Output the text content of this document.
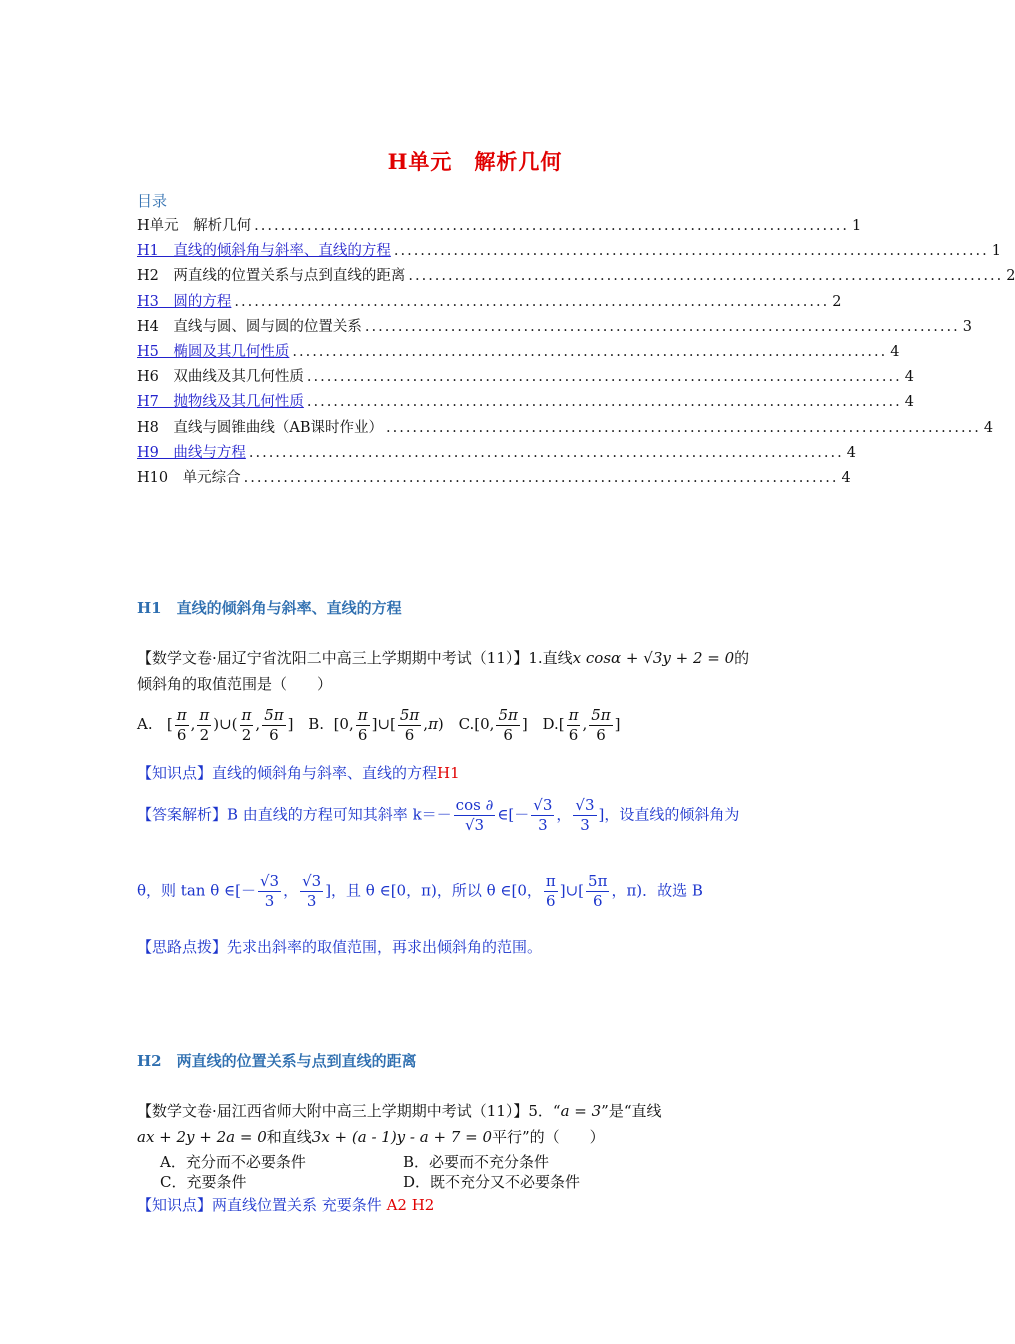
H单元　解析几何
目录
H单元　解析几何 .......................................................................................... 1
H1　直线的倾斜角与斜率、直线的方程 .......................................................................................... 1
H2　两直线的位置关系与点到直线的距离 .......................................................................................... 2
H3　圆的方程 .......................................................................................... 2
H4　直线与圆、圆与圆的位置关系 .......................................................................................... 3
H5　椭圆及其几何性质 .......................................................................................... 4
H6　双曲线及其几何性质 .......................................................................................... 4
H7　抛物线及其几何性质 .......................................................................................... 4
H8　直线与圆锥曲线（AB课时作业） .......................................................................................... 4
H9　曲线与方程 .......................................................................................... 4
H10　单元综合 .......................................................................................... 4
H1　直线的倾斜角与斜率、直线的方程
【数学文卷·届辽宁省沈阳二中高三上学期期中考试（11）】1.直线x cosα + √3y + 2 = 0的
倾斜角的取值范围是（　　）
A.   [ $\frac{\pi}{6}$ , $\frac{\pi}{2}$ )∪( $\frac{\pi}{2}$ , $\frac{5\pi}{6}$ ] B.  [0, $\frac{\pi}{6}$ ]∪[ $\frac{5\pi}{6} ,\pi$) C.[0, $\frac{5\pi}{6}$ ] $D.[ \frac{\pi}{6}$ , $\frac{5\pi}{6}$ ]
【知识点】直线的倾斜角与斜率、直线的方程H1
【答案解析】B 由直线的方程可知其斜率 $k=- \frac{\cos \partial}{√3}$ ∈[－ $\frac{√3}{3}$ ， $\frac{√3}{3}$ ]，设直线的倾斜角为
θ，则 tan θ ∈[－ $\frac{√3}{3}$ ， $\frac{√3}{3}$ ]，且 θ ∈[0，π)，所以 θ ∈[0， $\frac{\pi}{6}$ ]∪[ $\frac{5\pi}{6}$ ，π)．故选 B
【思路点拨】先求出斜率的取值范围，再求出倾斜角的范围。
H2　两直线的位置关系与点到直线的距离
【数学文卷·届江西省师大附中高三上学期期中考试（11）】5．“a = 3”是“直线
ax + 2y + 2a = 0和直线3x + (a - 1)y - a + 7 = 0平行”的（　　）
A．充分而不必要条件	B．必要而不充分条件
C．充要条件	D．既不充分又不必要条件
【知识点】两直线位置关系 充要条件 A2 H2
